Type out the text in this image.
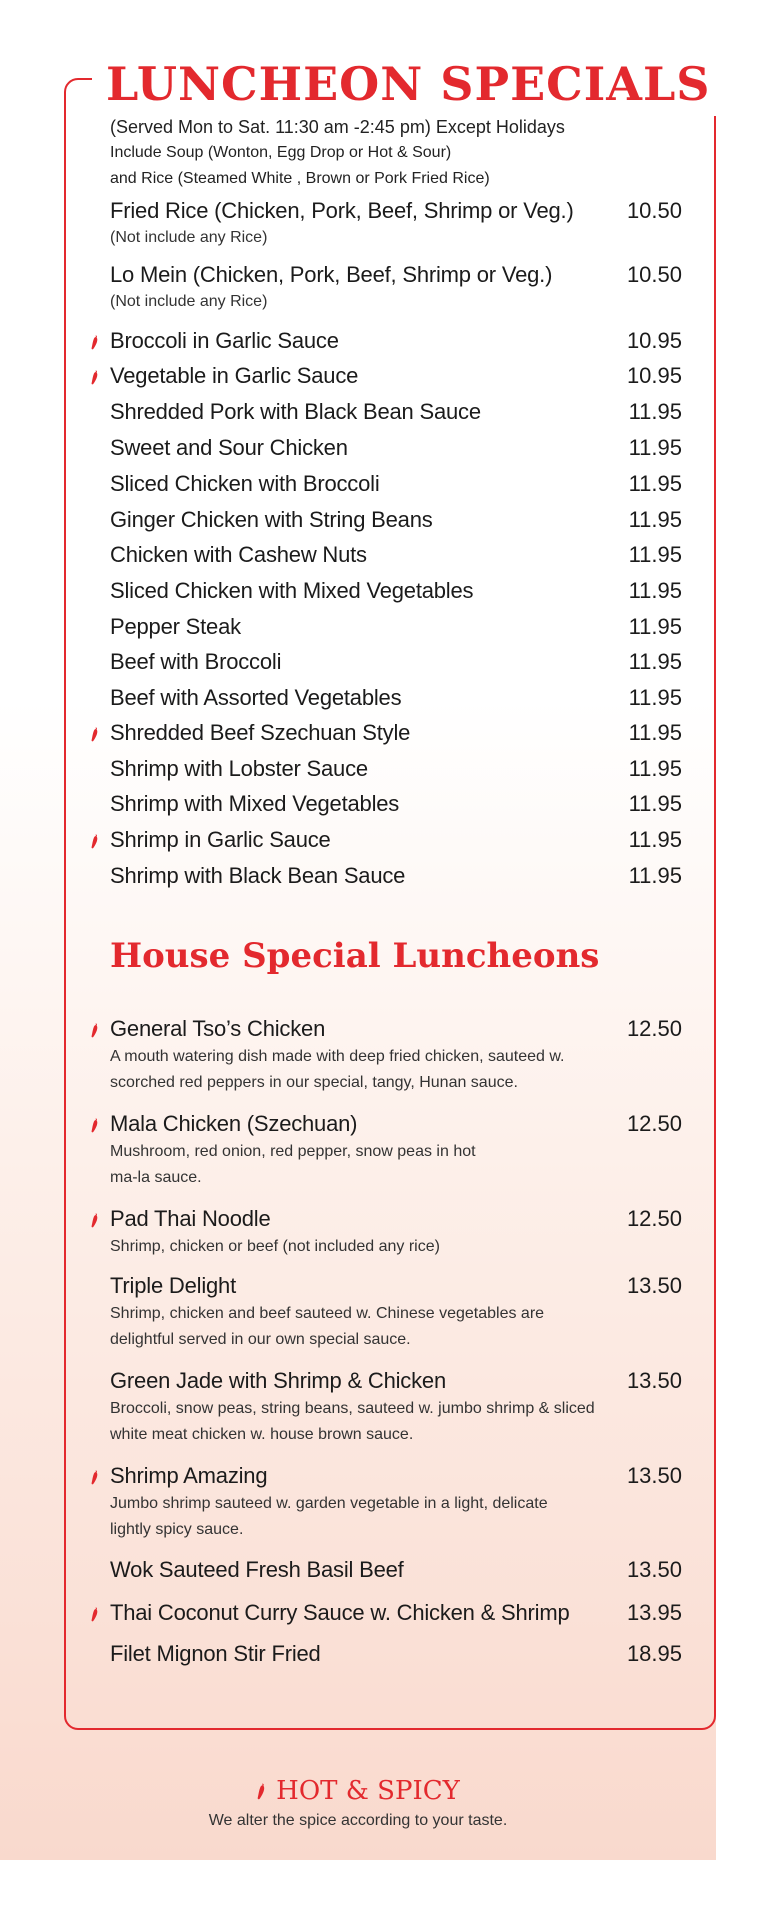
LUNCHEON SPECIALS
(Served Mon to Sat. 11:30 am -2:45 pm) Except Holidays
Include Soup (Wonton, Egg Drop or Hot & Sour)
and Rice (Steamed White , Brown or Pork Fried Rice)
Fried Rice (Chicken, Pork, Beef, Shrimp or Veg.) 10.50
(Not include any Rice)
Lo Mein (Chicken, Pork, Beef, Shrimp or Veg.)	10.50
(Not include any Rice)
Broccoli in Garlic Sauce	10.95
Vegetable in Garlic Sauce	10.95
Shredded Pork with Black Bean Sauce	11.95
Sweet and Sour Chicken	11.95
Sliced Chicken with Broccoli	11.95
Ginger Chicken with String Beans	11.95
Chicken with Cashew Nuts	11.95
Sliced Chicken with Mixed Vegetables	11.95
Pepper Steak	11.95
Beef with Broccoli	11.95
Beef with Assorted Vegetables	11.95
Shredded Beef Szechuan Style	11.95
Shrimp with Lobster Sauce	11.95
Shrimp with Mixed Vegetables	11.95
Shrimp in Garlic Sauce	11.95
Shrimp with Black Bean Sauce	11.95
House Special Luncheons
General Tso’s Chicken	12.50
A mouth watering dish made with deep fried chicken, sauteed w.
scorched red peppers in our special, tangy, Hunan sauce.
Mala Chicken (Szechuan)	12.50
Mushroom, red onion, red pepper, snow peas in hot
ma-la sauce.
Pad Thai Noodle	12.50
Shrimp, chicken or beef (not included any rice)
Triple Delight	13.50
Shrimp, chicken and beef sauteed w. Chinese vegetables are
delightful served in our own special sauce.
Green Jade with Shrimp & Chicken	13.50
Broccoli, snow peas, string beans, sauteed w. jumbo shrimp & sliced
white meat chicken w. house brown sauce.
Shrimp Amazing	13.50
Jumbo shrimp sauteed w. garden vegetable in a light, delicate
lightly spicy sauce.
Wok Sauteed Fresh Basil Beef	13.50
Thai Coconut Curry Sauce w. Chicken & Shrimp	13.95
Filet Mignon Stir Fried	18.95
HOT & SPICY
We alter the spice according to your taste.
